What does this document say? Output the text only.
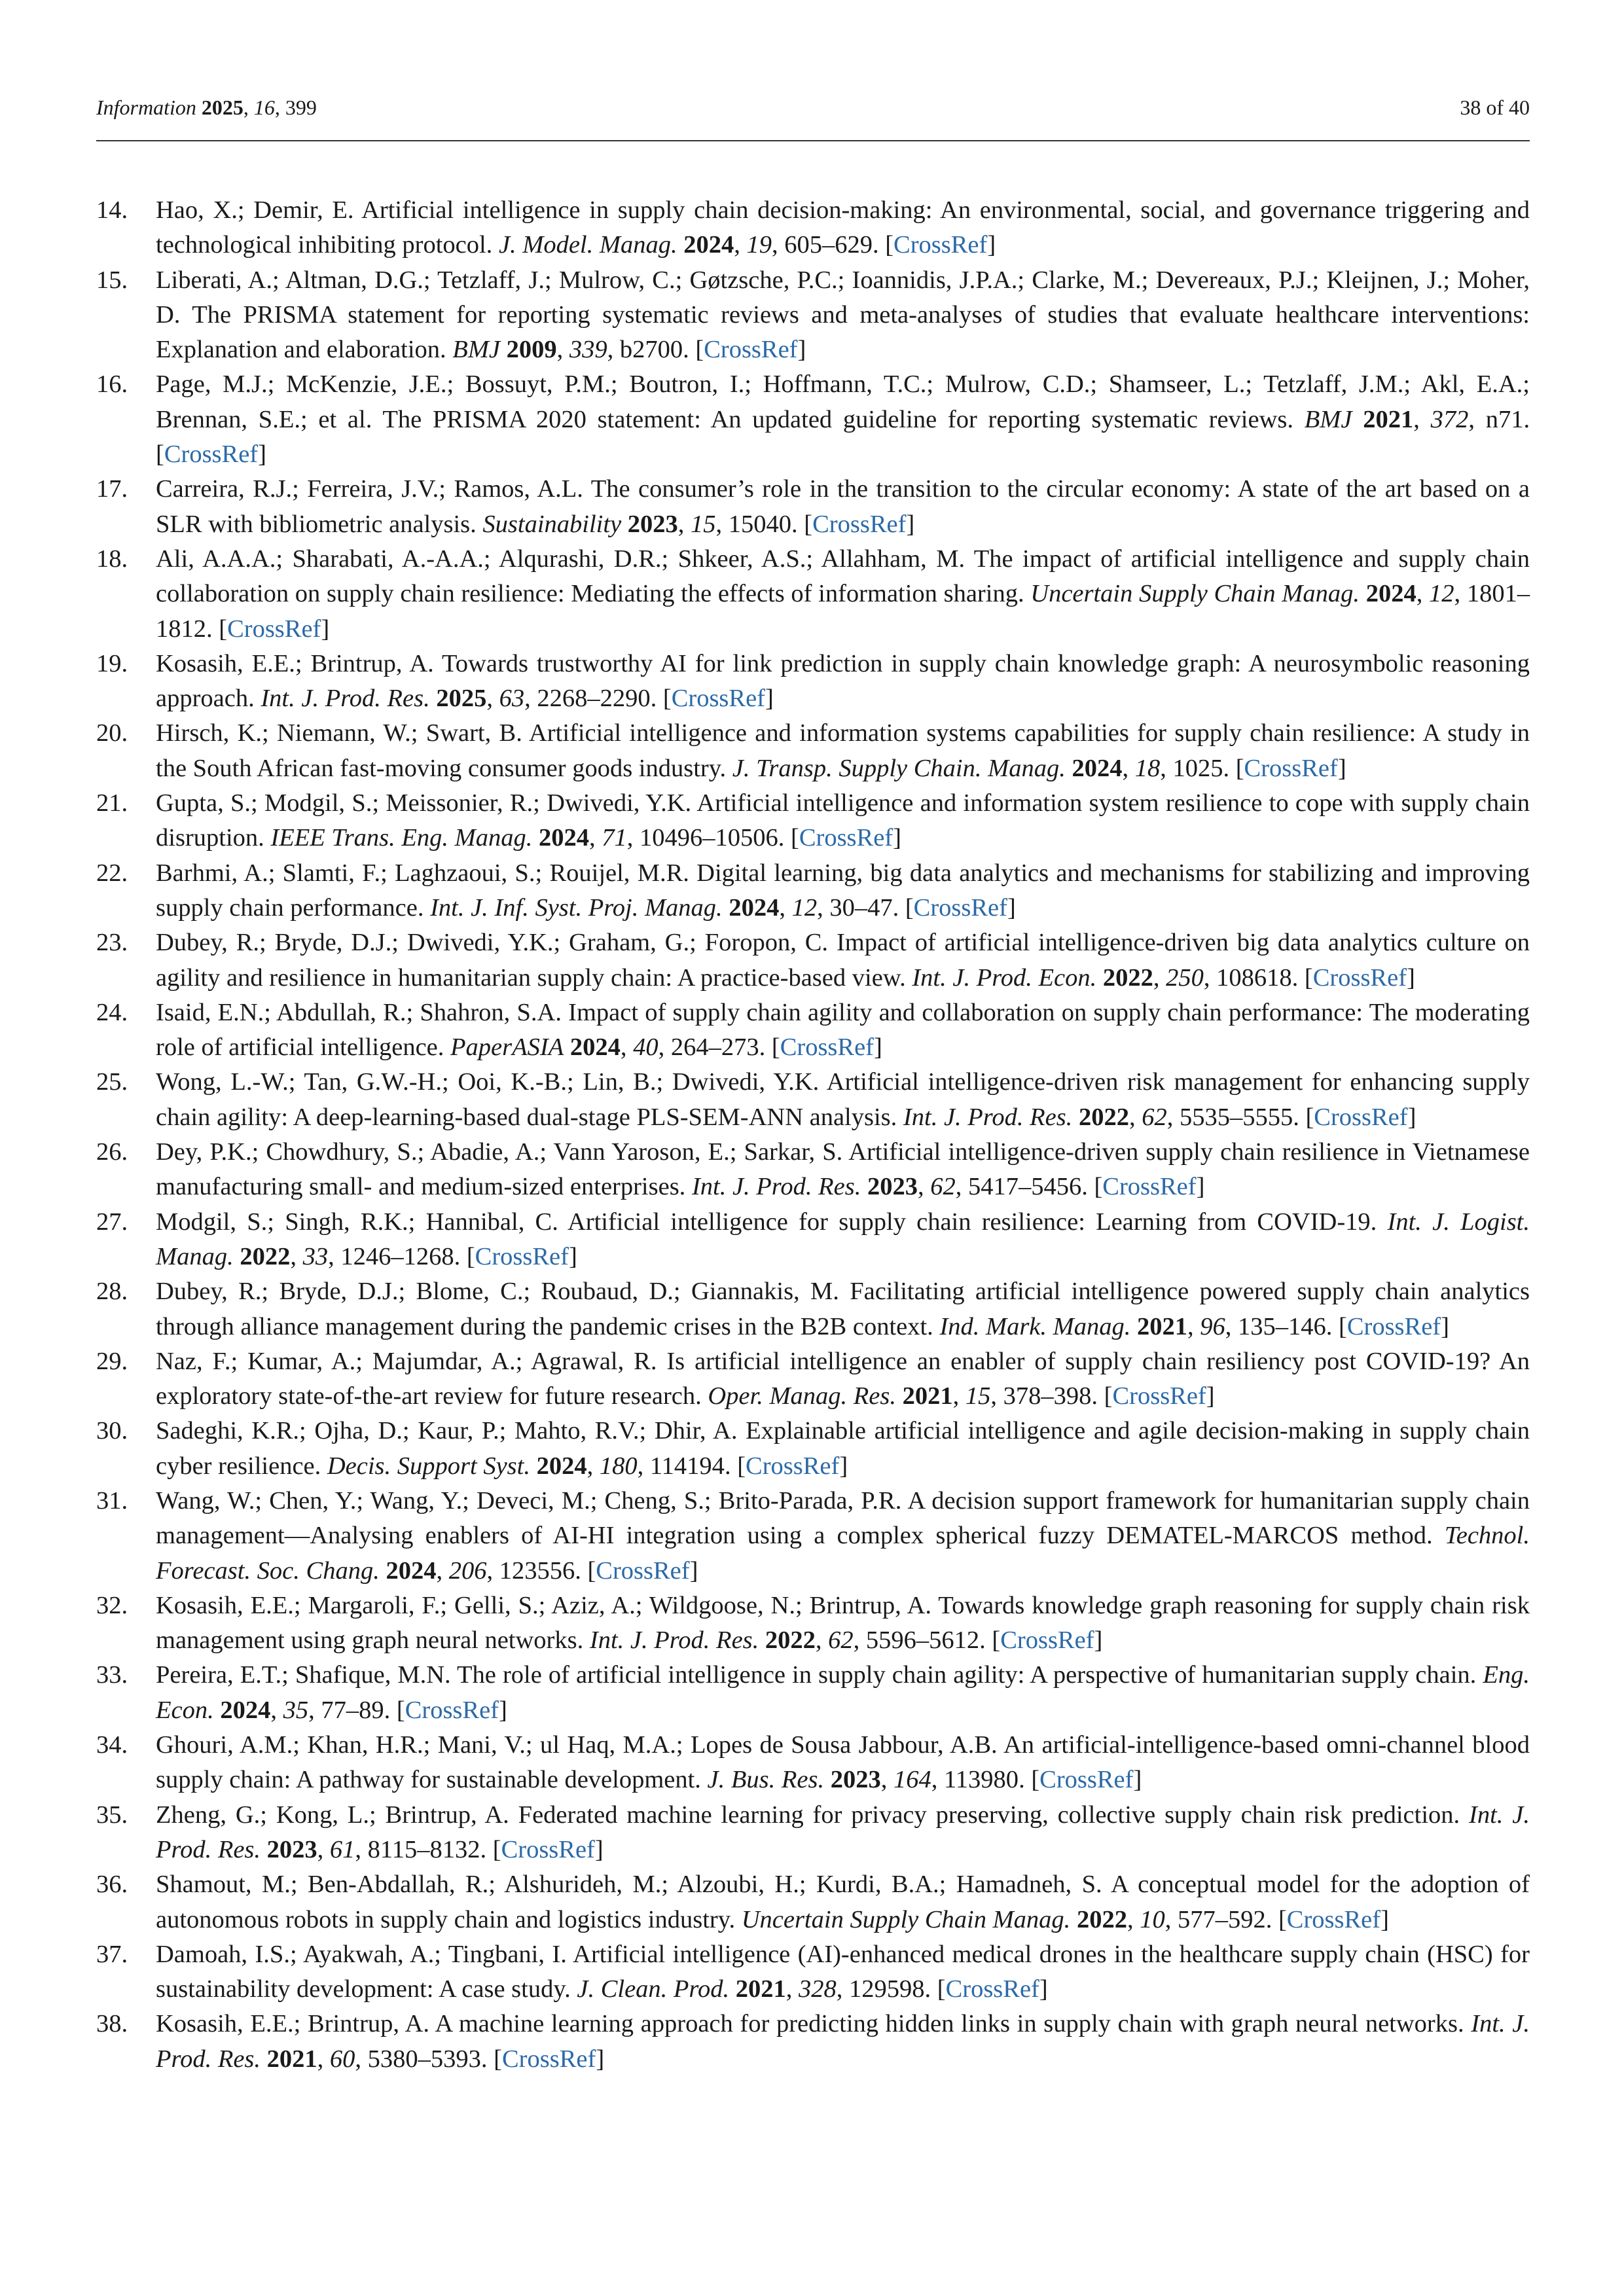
Information 2025, 16, 399	38 of 40
14. Hao, X.; Demir, E. Artificial intelligence in supply chain decision-making: An environmental, social, and governance triggering and technological inhibiting protocol. J. Model. Manag. 2024, 19, 605–629. [CrossRef]
15. Liberati, A.; Altman, D.G.; Tetzlaff, J.; Mulrow, C.; Gøtzsche, P.C.; Ioannidis, J.P.A.; Clarke, M.; Devereaux, P.J.; Kleijnen, J.; Moher, D. The PRISMA statement for reporting systematic reviews and meta-analyses of studies that evaluate healthcare interventions: Explanation and elaboration. BMJ 2009, 339, b2700. [CrossRef]
16. Page, M.J.; McKenzie, J.E.; Bossuyt, P.M.; Boutron, I.; Hoffmann, T.C.; Mulrow, C.D.; Shamseer, L.; Tetzlaff, J.M.; Akl, E.A.; Brennan, S.E.; et al. The PRISMA 2020 statement: An updated guideline for reporting systematic reviews. BMJ 2021, 372, n71. [CrossRef]
17. Carreira, R.J.; Ferreira, J.V.; Ramos, A.L. The consumer’s role in the transition to the circular economy: A state of the art based on a SLR with bibliometric analysis. Sustainability 2023, 15, 15040. [CrossRef]
18. Ali, A.A.A.; Sharabati, A.-A.A.; Alqurashi, D.R.; Shkeer, A.S.; Allahham, M. The impact of artificial intelligence and supply chain collaboration on supply chain resilience: Mediating the effects of information sharing. Uncertain Supply Chain Manag. 2024, 12, 1801–1812. [CrossRef]
19. Kosasih, E.E.; Brintrup, A. Towards trustworthy AI for link prediction in supply chain knowledge graph: A neurosymbolic reasoning approach. Int. J. Prod. Res. 2025, 63, 2268–2290. [CrossRef]
20. Hirsch, K.; Niemann, W.; Swart, B. Artificial intelligence and information systems capabilities for supply chain resilience: A study in the South African fast-moving consumer goods industry. J. Transp. Supply Chain. Manag. 2024, 18, 1025. [CrossRef]
21. Gupta, S.; Modgil, S.; Meissonier, R.; Dwivedi, Y.K. Artificial intelligence and information system resilience to cope with supply chain disruption. IEEE Trans. Eng. Manag. 2024, 71, 10496–10506. [CrossRef]
22. Barhmi, A.; Slamti, F.; Laghzaoui, S.; Rouijel, M.R. Digital learning, big data analytics and mechanisms for stabilizing and improving supply chain performance. Int. J. Inf. Syst. Proj. Manag. 2024, 12, 30–47. [CrossRef]
23. Dubey, R.; Bryde, D.J.; Dwivedi, Y.K.; Graham, G.; Foropon, C. Impact of artificial intelligence-driven big data analytics culture on agility and resilience in humanitarian supply chain: A practice-based view. Int. J. Prod. Econ. 2022, 250, 108618. [CrossRef]
24. Isaid, E.N.; Abdullah, R.; Shahron, S.A. Impact of supply chain agility and collaboration on supply chain performance: The moderating role of artificial intelligence. PaperASIA 2024, 40, 264–273. [CrossRef]
25. Wong, L.-W.; Tan, G.W.-H.; Ooi, K.-B.; Lin, B.; Dwivedi, Y.K. Artificial intelligence-driven risk management for enhancing supply chain agility: A deep-learning-based dual-stage PLS-SEM-ANN analysis. Int. J. Prod. Res. 2022, 62, 5535–5555. [CrossRef]
26. Dey, P.K.; Chowdhury, S.; Abadie, A.; Vann Yaroson, E.; Sarkar, S. Artificial intelligence-driven supply chain resilience in Vietnamese manufacturing small- and medium-sized enterprises. Int. J. Prod. Res. 2023, 62, 5417–5456. [CrossRef]
27. Modgil, S.; Singh, R.K.; Hannibal, C. Artificial intelligence for supply chain resilience: Learning from COVID-19. Int. J. Logist. Manag. 2022, 33, 1246–1268. [CrossRef]
28. Dubey, R.; Bryde, D.J.; Blome, C.; Roubaud, D.; Giannakis, M. Facilitating artificial intelligence powered supply chain analytics through alliance management during the pandemic crises in the B2B context. Ind. Mark. Manag. 2021, 96, 135–146. [CrossRef]
29. Naz, F.; Kumar, A.; Majumdar, A.; Agrawal, R. Is artificial intelligence an enabler of supply chain resiliency post COVID-19? An exploratory state-of-the-art review for future research. Oper. Manag. Res. 2021, 15, 378–398. [CrossRef]
30. Sadeghi, K.R.; Ojha, D.; Kaur, P.; Mahto, R.V.; Dhir, A. Explainable artificial intelligence and agile decision-making in supply chain cyber resilience. Decis. Support Syst. 2024, 180, 114194. [CrossRef]
31. Wang, W.; Chen, Y.; Wang, Y.; Deveci, M.; Cheng, S.; Brito-Parada, P.R. A decision support framework for humanitarian supply chain management—Analysing enablers of AI-HI integration using a complex spherical fuzzy DEMATEL-MARCOS method. Technol. Forecast. Soc. Chang. 2024, 206, 123556. [CrossRef]
32. Kosasih, E.E.; Margaroli, F.; Gelli, S.; Aziz, A.; Wildgoose, N.; Brintrup, A. Towards knowledge graph reasoning for supply chain risk management using graph neural networks. Int. J. Prod. Res. 2022, 62, 5596–5612. [CrossRef]
33. Pereira, E.T.; Shafique, M.N. The role of artificial intelligence in supply chain agility: A perspective of humanitarian supply chain. Eng. Econ. 2024, 35, 77–89. [CrossRef]
34. Ghouri, A.M.; Khan, H.R.; Mani, V.; ul Haq, M.A.; Lopes de Sousa Jabbour, A.B. An artificial-intelligence-based omni-channel blood supply chain: A pathway for sustainable development. J. Bus. Res. 2023, 164, 113980. [CrossRef]
35. Zheng, G.; Kong, L.; Brintrup, A. Federated machine learning for privacy preserving, collective supply chain risk prediction. Int. J. Prod. Res. 2023, 61, 8115–8132. [CrossRef]
36. Shamout, M.; Ben-Abdallah, R.; Alshurideh, M.; Alzoubi, H.; Kurdi, B.A.; Hamadneh, S. A conceptual model for the adoption of autonomous robots in supply chain and logistics industry. Uncertain Supply Chain Manag. 2022, 10, 577–592. [CrossRef]
37. Damoah, I.S.; Ayakwah, A.; Tingbani, I. Artificial intelligence (AI)-enhanced medical drones in the healthcare supply chain (HSC) for sustainability development: A case study. J. Clean. Prod. 2021, 328, 129598. [CrossRef]
38. Kosasih, E.E.; Brintrup, A. A machine learning approach for predicting hidden links in supply chain with graph neural networks. Int. J. Prod. Res. 2021, 60, 5380–5393. [CrossRef]
